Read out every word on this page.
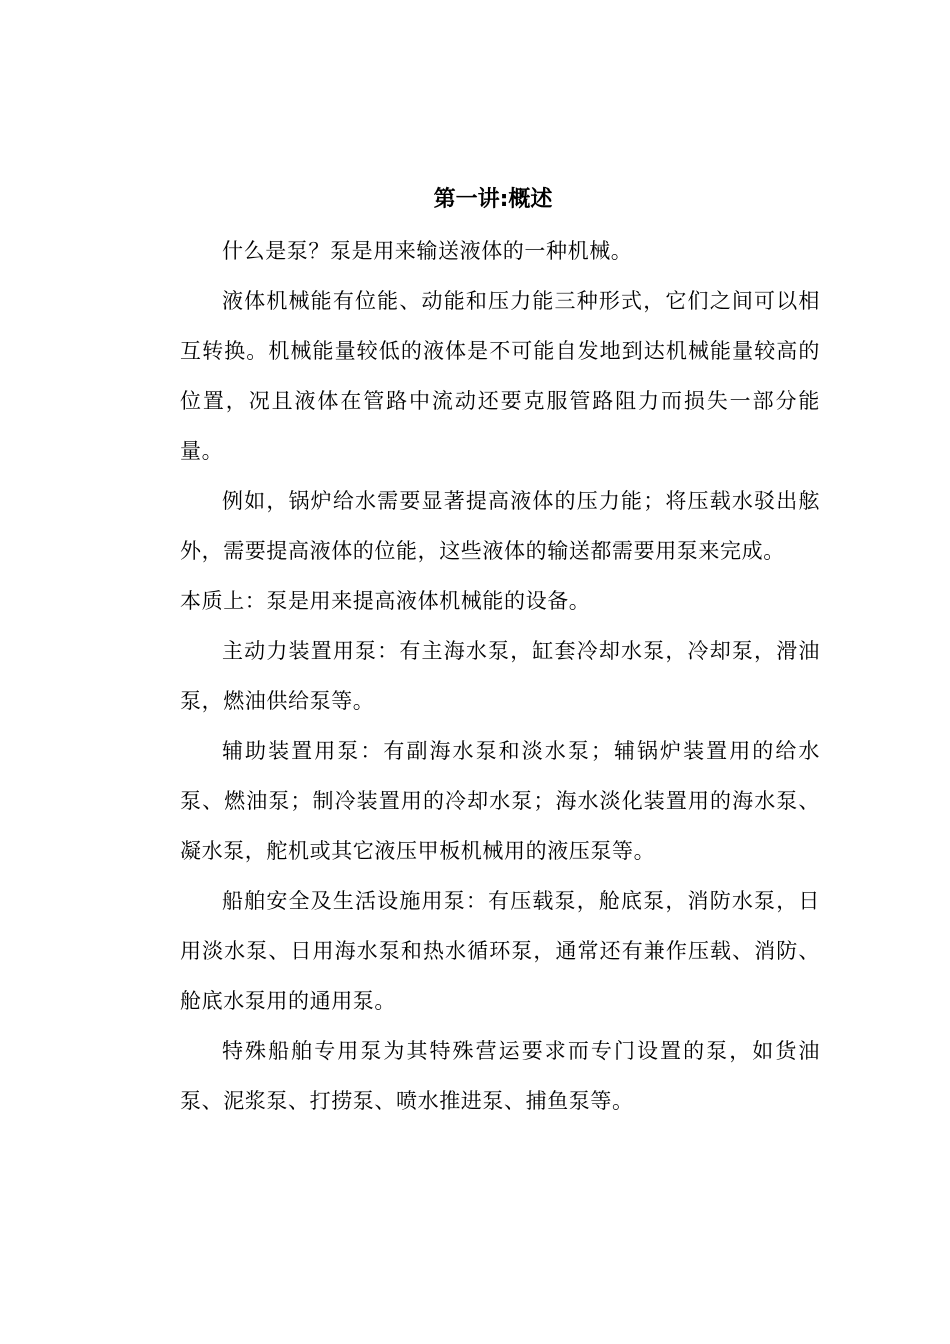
第一讲:概述

什么是泵？泵是用来输送液体的一种机械。

液体机械能有位能、动能和压力能三种形式，它们之间可以相互转换。机械能量较低的液体是不可能自发地到达机械能量较高的位置，况且液体在管路中流动还要克服管路阻力而损失一部分能量。

例如，锅炉给水需要显著提高液体的压力能；将压载水驳出舷外，需要提高液体的位能，这些液体的输送都需要用泵来完成。

本质上：泵是用来提高液体机械能的设备。

主动力装置用泵：有主海水泵，缸套冷却水泵，冷却泵，滑油泵，燃油供给泵等。

辅助装置用泵：有副海水泵和淡水泵；辅锅炉装置用的给水泵、燃油泵；制冷装置用的冷却水泵；海水淡化装置用的海水泵、凝水泵，舵机或其它液压甲板机械用的液压泵等。

船舶安全及生活设施用泵：有压载泵，舱底泵，消防水泵，日用淡水泵、日用海水泵和热水循环泵，通常还有兼作压载、消防、舱底水泵用的通用泵。

特殊船舶专用泵为其特殊营运要求而专门设置的泵，如货油泵、泥浆泵、打捞泵、喷水推进泵、捕鱼泵等。
